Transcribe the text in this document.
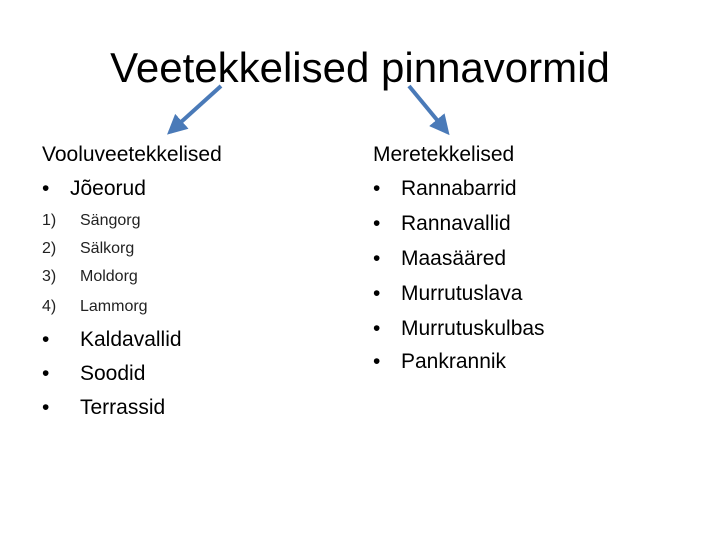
Veetekkelised pinnavormid
Vooluveetekkelised	Meretekkelised
• Jõeorud
1) Sängorg
2) Sälkorg
3) Moldorg
4) Lammorg
• Kaldavallid
• Soodid
• Terrassid
• Rannabarrid
• Rannavallid
• Maasääred
• Murrutuslava
• Murrutuskulbas
• Pankrannik
